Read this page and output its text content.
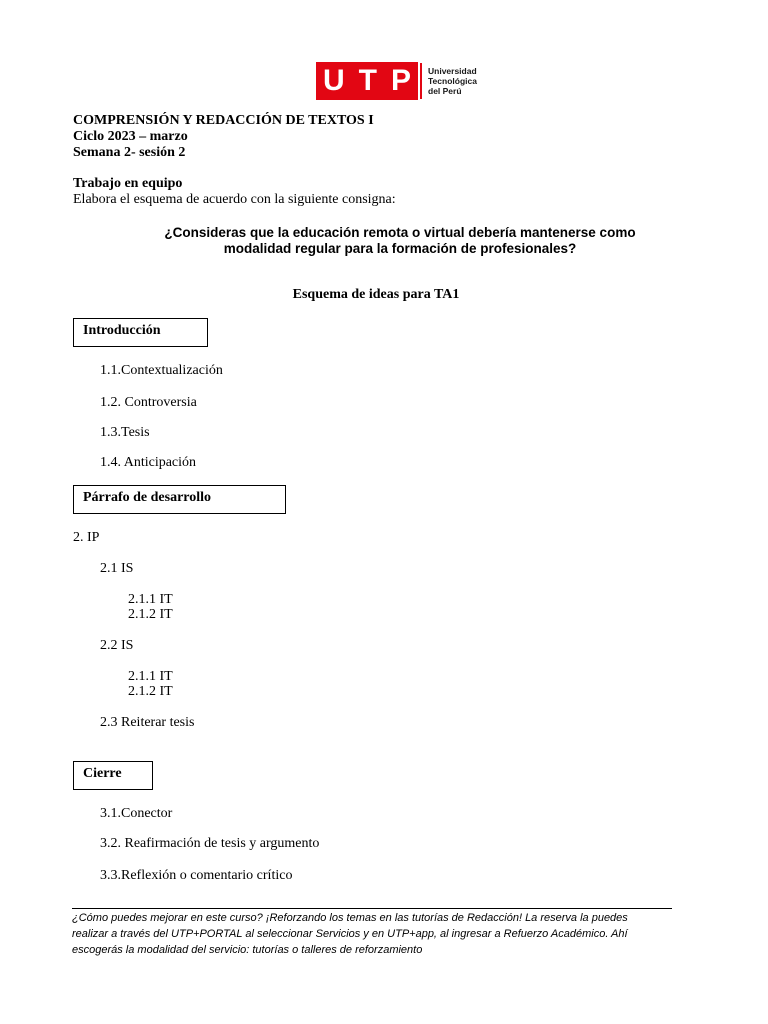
U T P Universidad
Tecnológica
del Perú
COMPRENSIÓN Y REDACCIÓN DE TEXTOS I
Ciclo 2023 – marzo
Semana 2- sesión 2
Trabajo en equipo
Elabora el esquema de acuerdo con la siguiente consigna:
¿Consideras que la educación remota o virtual debería mantenerse como
modalidad regular para la formación de profesionales?
Esquema de ideas para TA1
Introducción
1.1.Contextualización
1.2. Controversia
1.3.Tesis
1.4. Anticipación
Párrafo de desarrollo
2. IP
2.1 IS
2.1.1 IT
2.1.2 IT
2.2 IS
2.1.1 IT
2.1.2 IT
2.3 Reiterar tesis
Cierre
3.1.Conector
3.2. Reafirmación de tesis y argumento
3.3.Reflexión o comentario crítico
¿Cómo puedes mejorar en este curso? ¡Reforzando los temas en las tutorías de Redacción! La reserva la puedes
realizar a través del UTP+PORTAL al seleccionar Servicios y en UTP+app, al ingresar a Refuerzo Académico. Ahí
escogerás la modalidad del servicio: tutorías o talleres de reforzamiento
